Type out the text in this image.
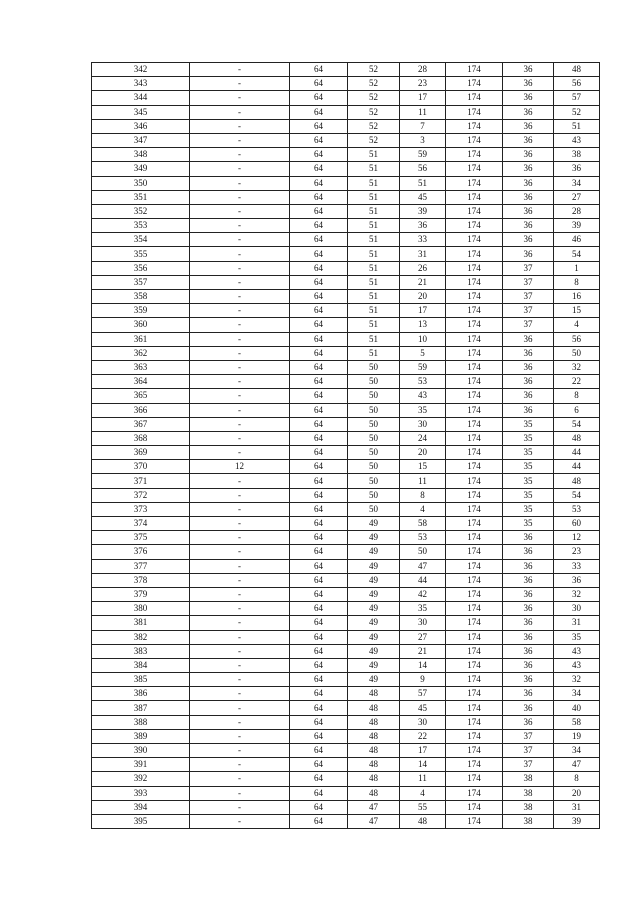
342	-	64	52	28	174	36	48
343	-	64	52	23	174	36	56
344	-	64	52	17	174	36	57
345	-	64	52	11	174	36	52
346	-	64	52	7	174	36	51
347	-	64	52	3	174	36	43
348	-	64	51	59	174	36	38
349	-	64	51	56	174	36	36
350	-	64	51	51	174	36	34
351	-	64	51	45	174	36	27
352	-	64	51	39	174	36	28
353	-	64	51	36	174	36	39
354	-	64	51	33	174	36	46
355	-	64	51	31	174	36	54
356	-	64	51	26	174	37	1
357	-	64	51	21	174	37	8
358	-	64	51	20	174	37	16
359	-	64	51	17	174	37	15
360	-	64	51	13	174	37	4
361	-	64	51	10	174	36	56
362	-	64	51	5	174	36	50
363	-	64	50	59	174	36	32
364	-	64	50	53	174	36	22
365	-	64	50	43	174	36	8
366	-	64	50	35	174	36	6
367	-	64	50	30	174	35	54
368	-	64	50	24	174	35	48
369	-	64	50	20	174	35	44
370	12	64	50	15	174	35	44
371	-	64	50	11	174	35	48
372	-	64	50	8	174	35	54
373	-	64	50	4	174	35	53
374	-	64	49	58	174	35	60
375	-	64	49	53	174	36	12
376	-	64	49	50	174	36	23
377	-	64	49	47	174	36	33
378	-	64	49	44	174	36	36
379	-	64	49	42	174	36	32
380	-	64	49	35	174	36	30
381	-	64	49	30	174	36	31
382	-	64	49	27	174	36	35
383	-	64	49	21	174	36	43
384	-	64	49	14	174	36	43
385	-	64	49	9	174	36	32
386	-	64	48	57	174	36	34
387	-	64	48	45	174	36	40
388	-	64	48	30	174	36	58
389	-	64	48	22	174	37	19
390	-	64	48	17	174	37	34
391	-	64	48	14	174	37	47
392	-	64	48	11	174	38	8
393	-	64	48	4	174	38	20
394	-	64	47	55	174	38	31
395	-	64	47	48	174	38	39
